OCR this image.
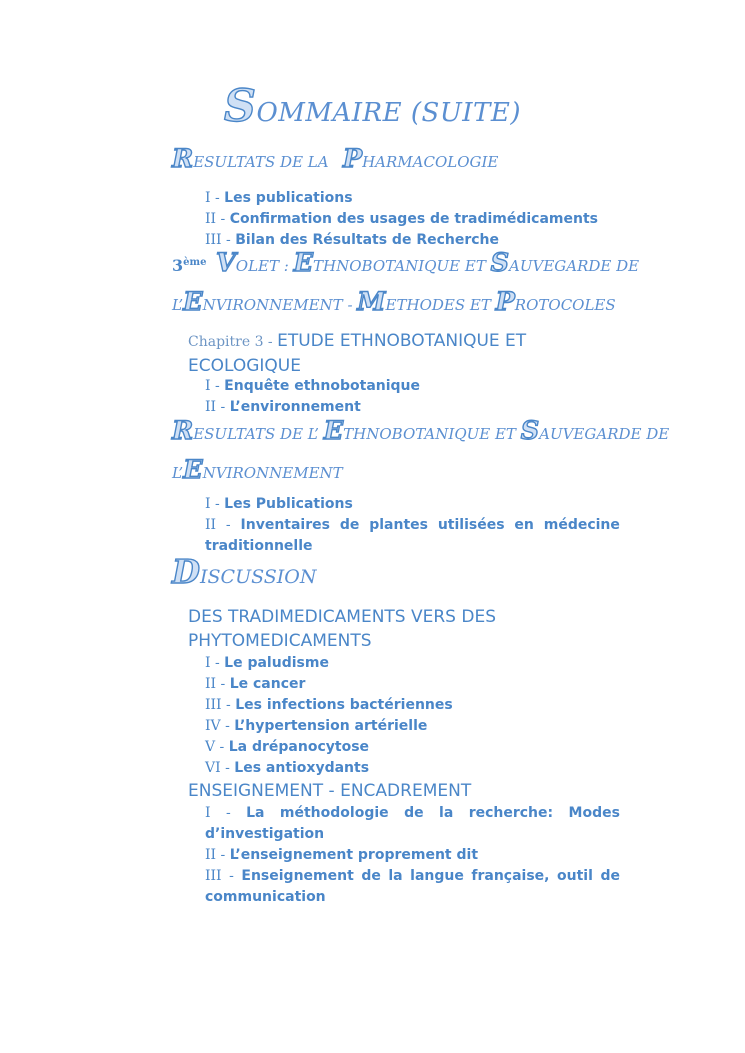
SOMMAIRE (SUITE)
RESULTATS DE LA PHARMACOLOGIE
I - Les publications
II - Confirmation des usages de tradimédicaments
III - Bilan des Résultats de Recherche
3ème VOLET : ETHNOBOTANIQUE ET SAUVEGARDE DE
L’ENVIRONNEMENT - METHODES ET PROTOCOLES
Chapitre 3 - ETUDE ETHNOBOTANIQUE ET ECOLOGIQUE
I - Enquête ethnobotanique
II - L’environnement
RESULTATS DE L’ ETHNOBOTANIQUE ET SAUVEGARDE DE
L’ENVIRONNEMENT
I - Les Publications
II - Inventaires de plantes utilisées en médecine
traditionnelle
DISCUSSION
DES TRADIMEDICAMENTS VERS DES PHYTOMEDICAMENTS
I - Le paludisme
II - Le cancer
III - Les infections bactériennes
IV - L’hypertension artérielle
V - La drépanocytose
VI - Les antioxydants
ENSEIGNEMENT - ENCADREMENT
I - La méthodologie de la recherche: Modes
d’investigation
II - L’enseignement proprement dit
III - Enseignement de la langue française, outil de
communication
